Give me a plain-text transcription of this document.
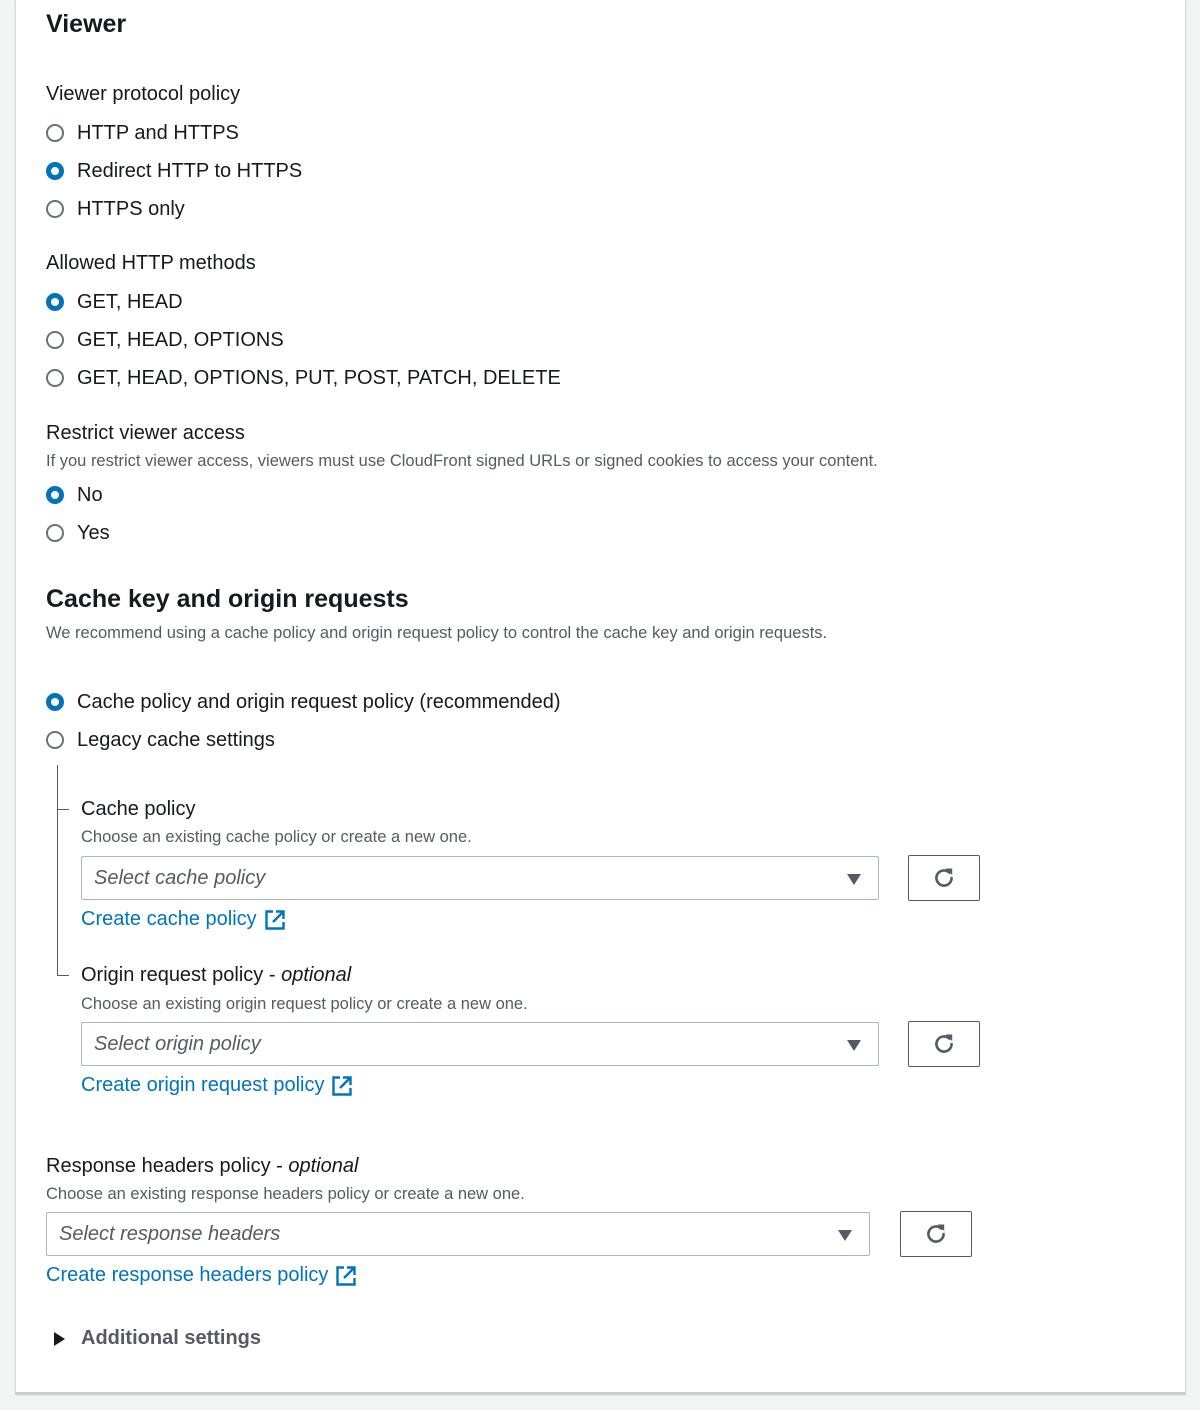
Viewer
Viewer protocol policy
HTTP and HTTPS
Redirect HTTP to HTTPS
HTTPS only
Allowed HTTP methods
GET, HEAD
GET, HEAD, OPTIONS
GET, HEAD, OPTIONS, PUT, POST, PATCH, DELETE
Restrict viewer access
If you restrict viewer access, viewers must use CloudFront signed URLs or signed cookies to access your content.
No
Yes
Cache key and origin requests
We recommend using a cache policy and origin request policy to control the cache key and origin requests.
Cache policy and origin request policy (recommended)
Legacy cache settings
Cache policy
Choose an existing cache policy or create a new one.
Select cache policy
Create cache policy
Origin request policy - optional
Choose an existing origin request policy or create a new one.
Select origin policy
Create origin request policy
Response headers policy - optional
Choose an existing response headers policy or create a new one.
Select response headers
Create response headers policy
Additional settings
